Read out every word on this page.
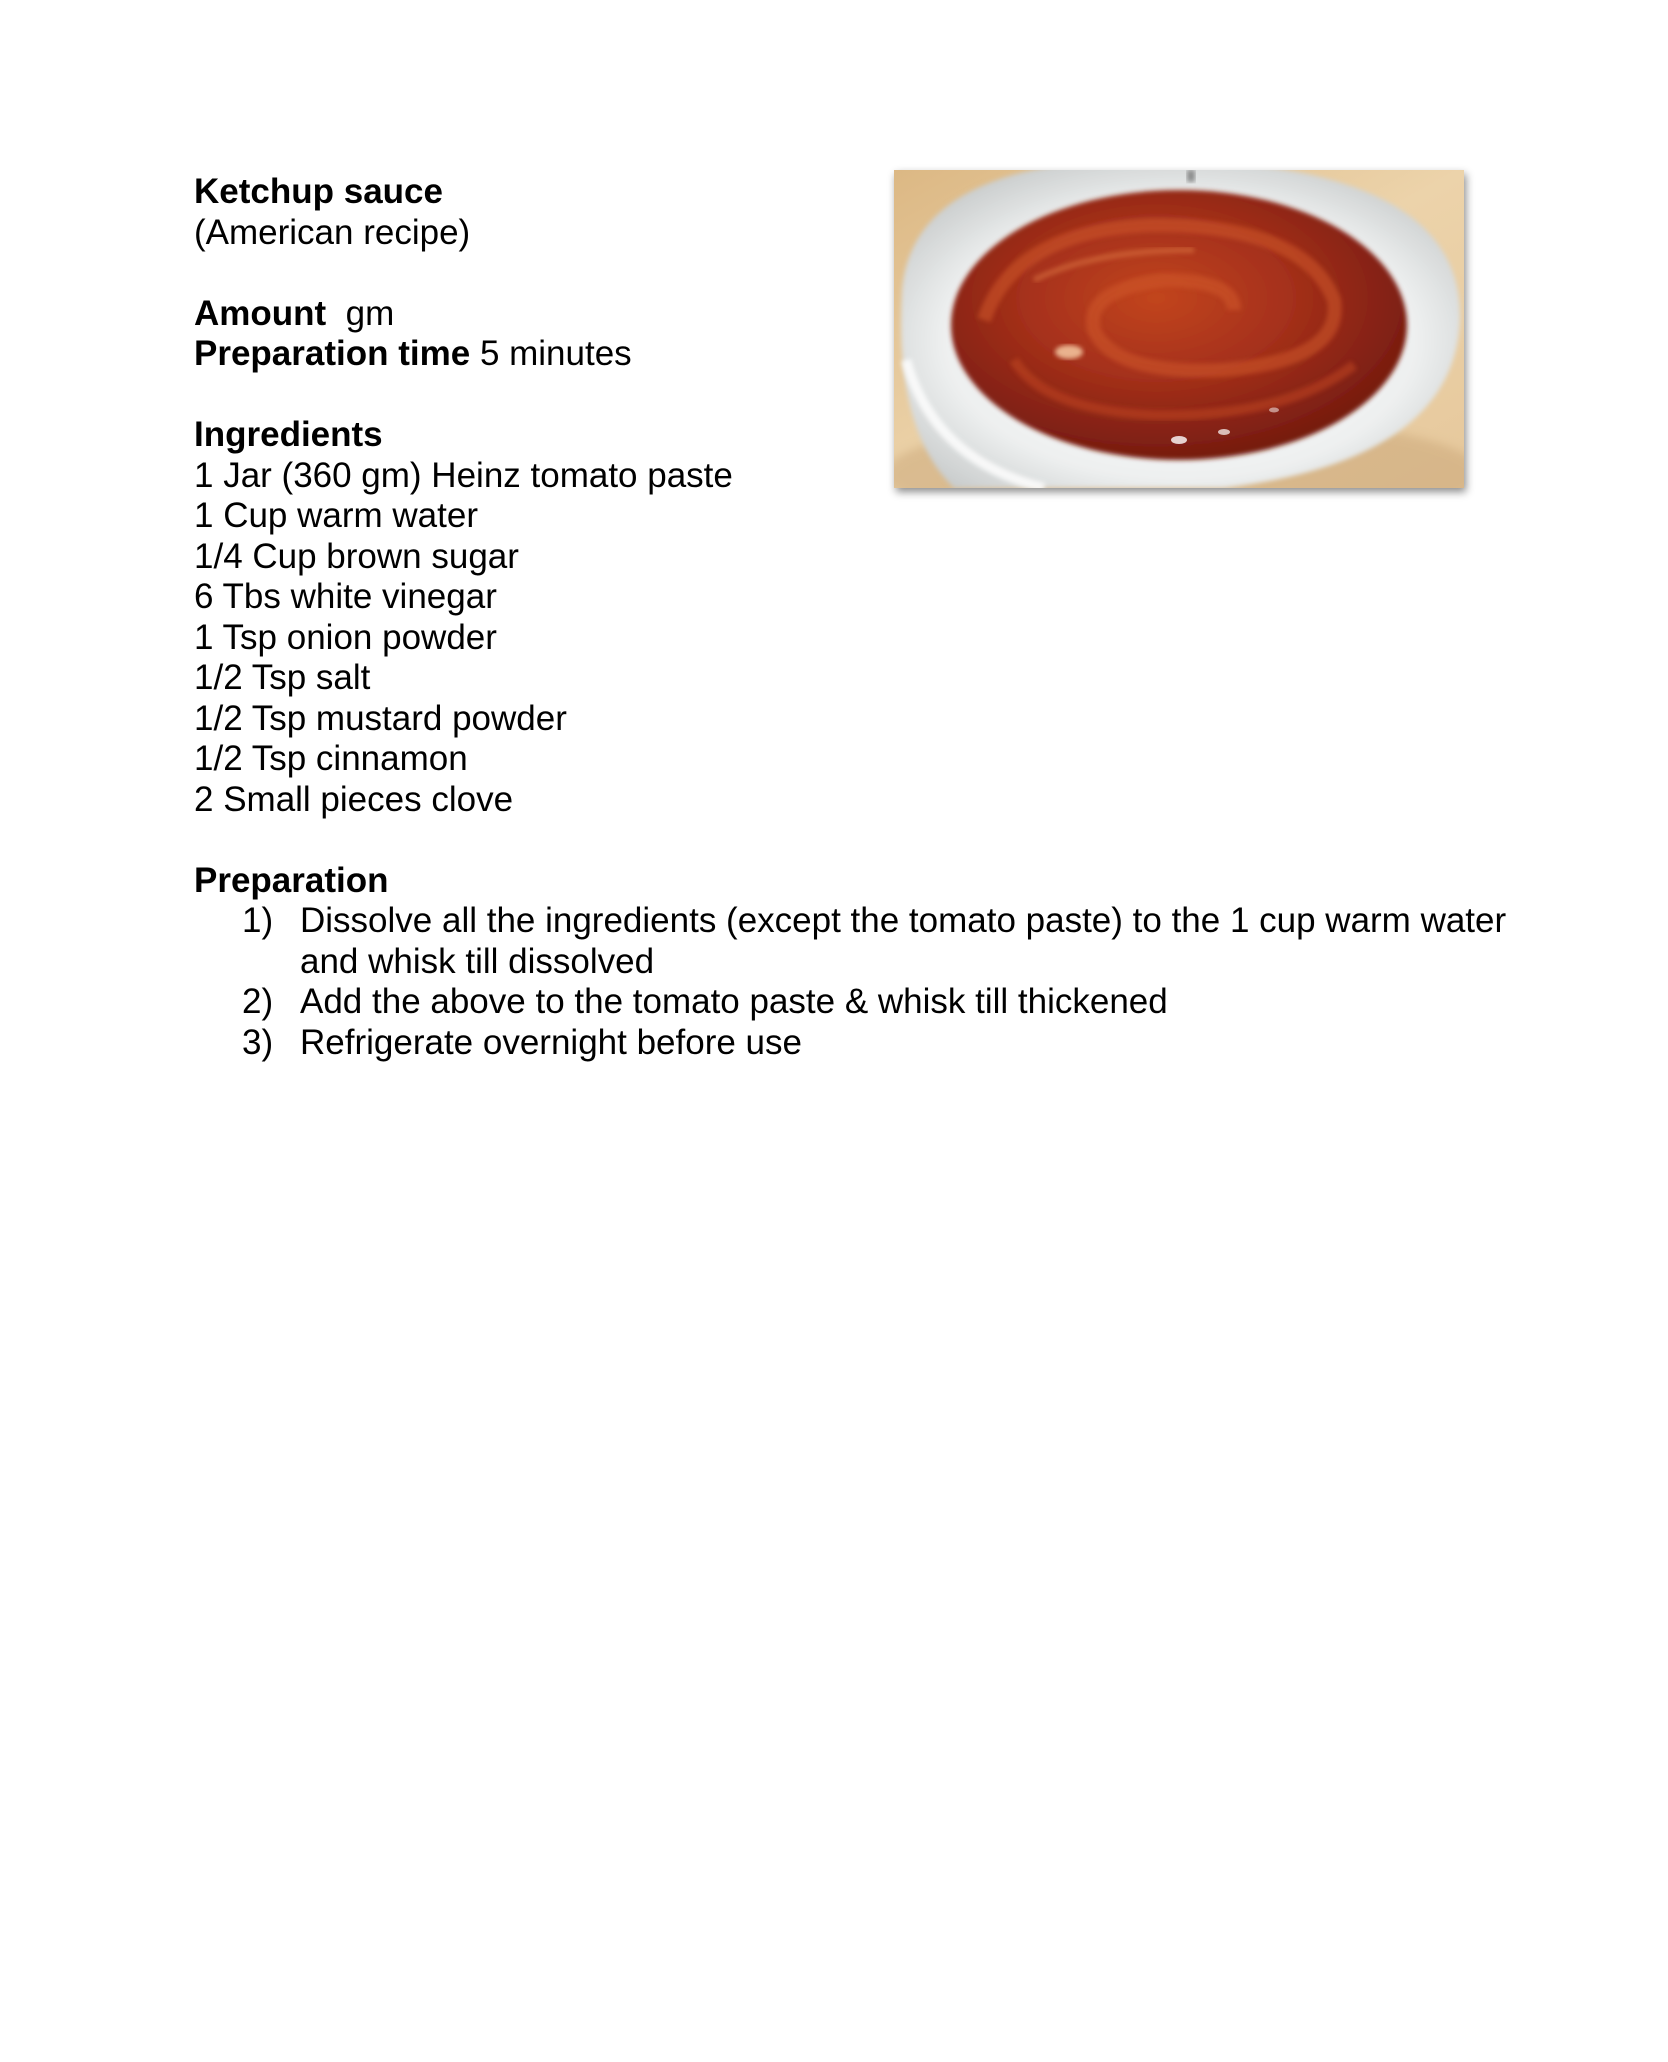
Ketchup sauce
(American recipe)
Amount gm
Preparation time 5 minutes
Ingredients
1 Jar (360 gm) Heinz tomato paste
1 Cup warm water
1/4 Cup brown sugar
6 Tbs white vinegar
1 Tsp onion powder
1/2 Tsp salt
1/2 Tsp mustard powder
1/2 Tsp cinnamon
2 Small pieces clove
Preparation
1) Dissolve all the ingredients (except the tomato paste) to the 1 cup warm water and whisk till dissolved
2) Add the above to the tomato paste & whisk till thickened
3) Refrigerate overnight before use
